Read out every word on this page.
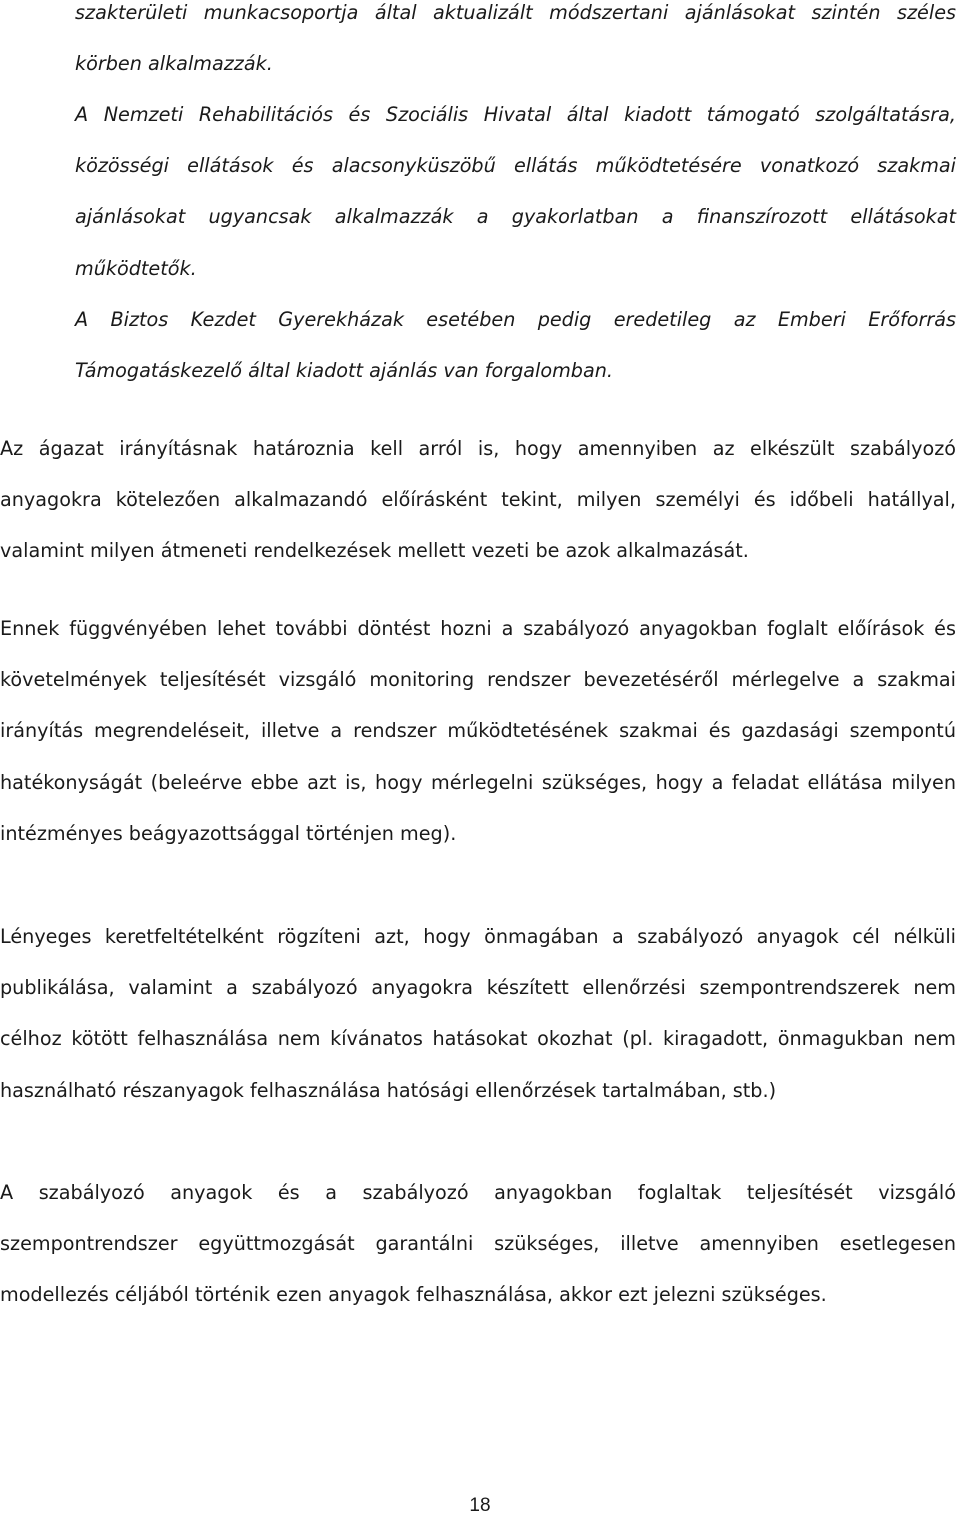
szakterületi munkacsoportja által aktualizált módszertani ajánlásokat szintén széles körben alkalmazzák.

A Nemzeti Rehabilitációs és Szociális Hivatal által kiadott támogató szolgáltatásra, közösségi ellátások és alacsonyküszöbű ellátás működtetésére vonatkozó szakmai ajánlásokat ugyancsak alkalmazzák a gyakorlatban a finanszírozott ellátásokat működtetők.

A Biztos Kezdet Gyerekházak esetében pedig eredetileg az Emberi Erőforrás Támogatáskezelő által kiadott ajánlás van forgalomban.

Az ágazat irányításnak határoznia kell arról is, hogy amennyiben az elkészült szabályozó anyagokra kötelezően alkalmazandó előírásként tekint, milyen személyi és időbeli hatállyal, valamint milyen átmeneti rendelkezések mellett vezeti be azok alkalmazását.

Ennek függvényében lehet további döntést hozni a szabályozó anyagokban foglalt előírások és követelmények teljesítését vizsgáló monitoring rendszer bevezetéséről mérlegelve a szakmai irányítás megrendeléseit, illetve a rendszer működtetésének szakmai és gazdasági szempontú hatékonyságát (beleérve ebbe azt is, hogy mérlegelni szükséges, hogy a feladat ellátása milyen intézményes beágyazottsággal történjen meg).

Lényeges keretfeltételként rögzíteni azt, hogy önmagában a szabályozó anyagok cél nélküli publikálása, valamint a szabályozó anyagokra készített ellenőrzési szempontrendszerek nem célhoz kötött felhasználása nem kívánatos hatásokat okozhat (pl. kiragadott, önmagukban nem használható részanyagok felhasználása hatósági ellenőrzések tartalmában, stb.)

A szabályozó anyagok és a szabályozó anyagokban foglaltak teljesítését vizsgáló szempontrendszer együttmozgását garantálni szükséges, illetve amennyiben esetlegesen modellezés céljából történik ezen anyagok felhasználása, akkor ezt jelezni szükséges.

18
